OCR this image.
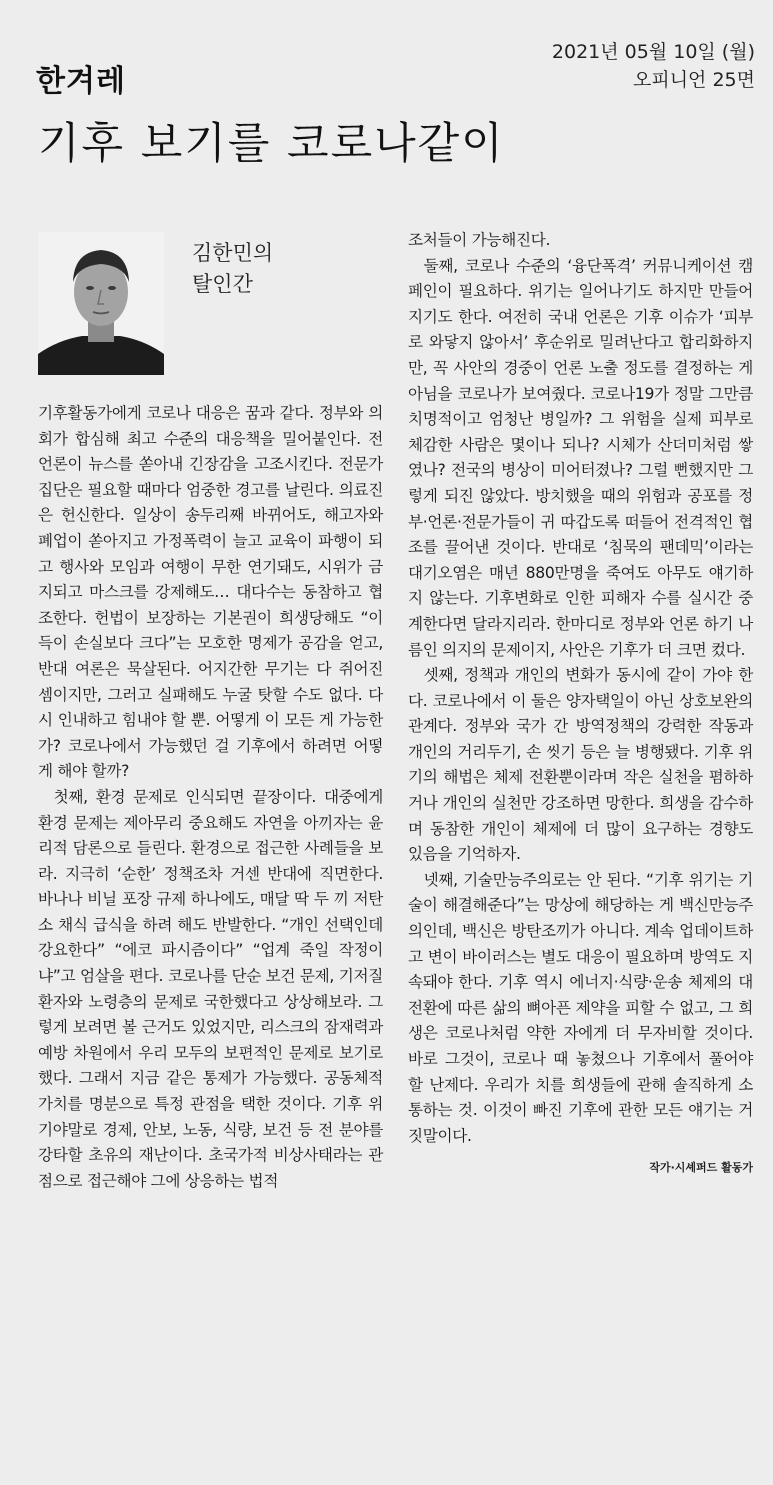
한겨레
2021년 05월 10일 (월)
오피니언 25면
기후 보기를 코로나같이
김한민의
탈인간

기후활동가에게 코로나 대응은 꿈과 같다. 정부와 의회가 합심해 최고 수준의 대응책을 밀어붙인다. 전 언론이 뉴스를 쏟아내 긴장감을 고조시킨다. 전문가 집단은 필요할 때마다 엄중한 경고를 날린다. 의료진은 헌신한다. 일상이 송두리째 바뀌어도, 해고자와 폐업이 쏟아지고 가정폭력이 늘고 교육이 파행이 되고 행사와 모임과 여행이 무한 연기돼도, 시위가 금지되고 마스크를 강제해도… 대다수는 동참하고 협조한다. 헌법이 보장하는 기본권이 희생당해도 “이득이 손실보다 크다”는 모호한 명제가 공감을 얻고, 반대 여론은 묵살된다. 어지간한 무기는 다 쥐어진 셈이지만, 그러고 실패해도 누굴 탓할 수도 없다. 다시 인내하고 힘내야 할 뿐. 어떻게 이 모든 게 가능한가? 코로나에서 가능했던 걸 기후에서 하려면 어떻게 해야 할까?

첫째, 환경 문제로 인식되면 끝장이다. 대중에게 환경 문제는 제아무리 중요해도 자연을 아끼자는 윤리적 담론으로 들린다. 환경으로 접근한 사례들을 보라. 지극히 ‘순한’ 정책조차 거센 반대에 직면한다. 바나나 비닐 포장 규제 하나에도, 매달 딱 두 끼 저탄소 채식 급식을 하려 해도 반발한다. “개인 선택인데 강요한다” “에코 파시즘이다” “업계 죽일 작정이냐”고 엄살을 편다. 코로나를 단순 보건 문제, 기저질환자와 노령층의 문제로 국한했다고 상상해보라. 그렇게 보려면 볼 근거도 있었지만, 리스크의 잠재력과 예방 차원에서 우리 모두의 보편적인 문제로 보기로 했다. 그래서 지금 같은 통제가 가능했다. 공동체적 가치를 명분으로 특정 관점을 택한 것이다. 기후 위기야말로 경제, 안보, 노동, 식량, 보건 등 전 분야를 강타할 초유의 재난이다. 초국가적 비상사태라는 관점으로 접근해야 그에 상응하는 법적

조처들이 가능해진다.

둘째, 코로나 수준의 ‘융단폭격’ 커뮤니케이션 캠페인이 필요하다. 위기는 일어나기도 하지만 만들어지기도 한다. 여전히 국내 언론은 기후 이슈가 ‘피부로 와닿지 않아서’ 후순위로 밀려난다고 합리화하지만, 꼭 사안의 경중이 언론 노출 정도를 결정하는 게 아님을 코로나가 보여줬다. 코로나19가 정말 그만큼 치명적이고 엄청난 병일까? 그 위험을 실제 피부로 체감한 사람은 몇이나 되나? 시체가 산더미처럼 쌓였나? 전국의 병상이 미어터졌나? 그럴 뻔했지만 그렇게 되진 않았다. 방치했을 때의 위험과 공포를 정부·언론·전문가들이 귀 따갑도록 떠들어 전격적인 협조를 끌어낸 것이다. 반대로 ‘침묵의 팬데믹’이라는 대기오염은 매년 880만명을 죽여도 아무도 얘기하지 않는다. 기후변화로 인한 피해자 수를 실시간 중계한다면 달라지리라. 한마디로 정부와 언론 하기 나름인 의지의 문제이지, 사안은 기후가 더 크면 컸다.

셋째, 정책과 개인의 변화가 동시에 같이 가야 한다. 코로나에서 이 둘은 양자택일이 아닌 상호보완의 관계다. 정부와 국가 간 방역정책의 강력한 작동과 개인의 거리두기, 손 씻기 등은 늘 병행됐다. 기후 위기의 해법은 체제 전환뿐이라며 작은 실천을 폄하하거나 개인의 실천만 강조하면 망한다. 희생을 감수하며 동참한 개인이 체제에 더 많이 요구하는 경향도 있음을 기억하자.

넷째, 기술만능주의로는 안 된다. “기후 위기는 기술이 해결해준다”는 망상에 해당하는 게 백신만능주의인데, 백신은 방탄조끼가 아니다. 계속 업데이트하고 변이 바이러스는 별도 대응이 필요하며 방역도 지속돼야 한다. 기후 역시 에너지·식량·운송 체제의 대전환에 따른 삶의 뼈아픈 제약을 피할 수 없고, 그 희생은 코로나처럼 약한 자에게 더 무자비할 것이다. 바로 그것이, 코로나 때 놓쳤으나 기후에서 풀어야 할 난제다. 우리가 치를 희생들에 관해 솔직하게 소통하는 것. 이것이 빠진 기후에 관한 모든 얘기는 거짓말이다.

작가·시셰퍼드 활동가
